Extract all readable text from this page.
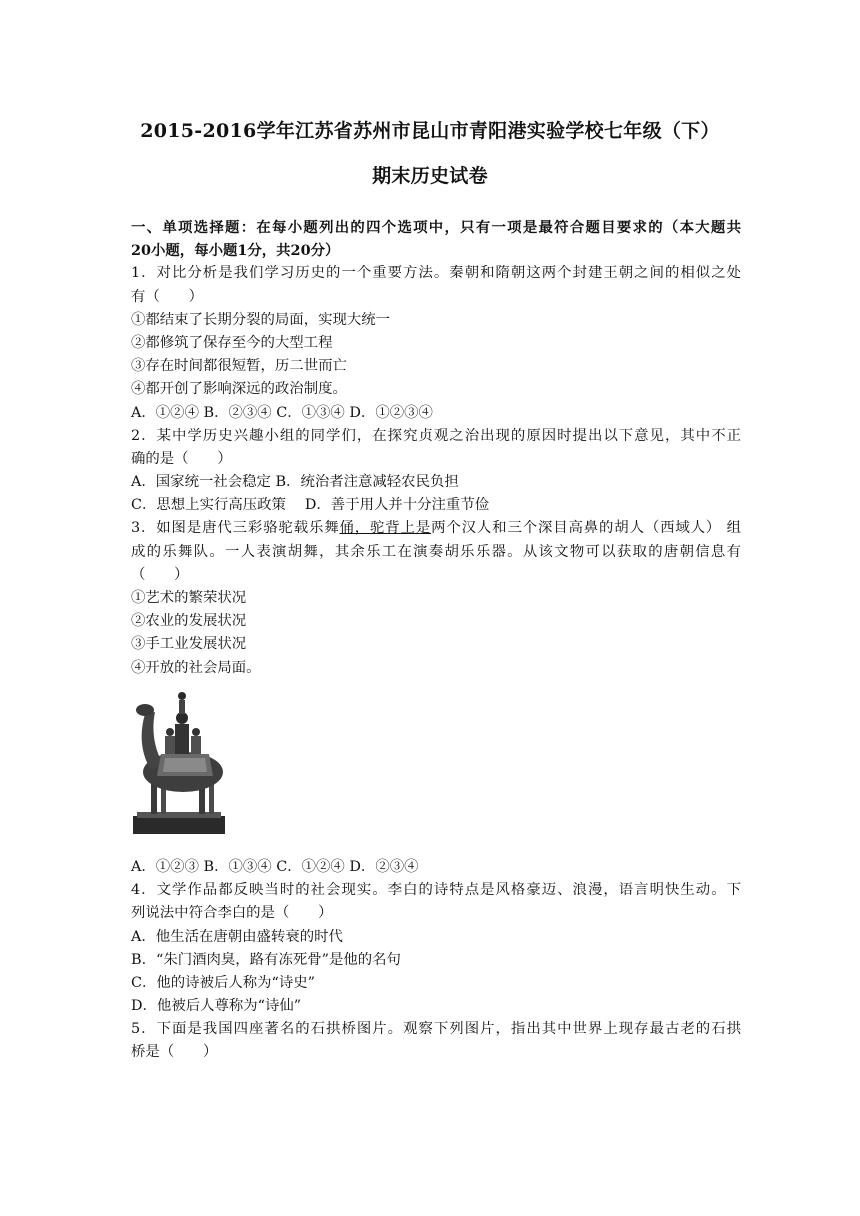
2015-2016学年江苏省苏州市昆山市青阳港实验学校七年级（下）
期末历史试卷
一、单项选择题：在每小题列出的四个选项中，只有一项是最符合题目要求的（本大题共
20小题，每小题1分，共20分）
1．对比分析是我们学习历史的一个重要方法。秦朝和隋朝这两个封建王朝之间的相似之处
有（　　）
①都结束了长期分裂的局面，实现大统一
②都修筑了保存至今的大型工程
③存在时间都很短暂，历二世而亡
④都开创了影响深远的政治制度。
A．①②④ B．②③④ C．①③④ D．①②③④
2．某中学历史兴趣小组的同学们，在探究贞观之治出现的原因时提出以下意见，其中不正
确的是（　　）
A．国家统一社会稳定 B．统治者注意减轻农民负担
C．思想上实行高压政策　 D．善于用人并十分注重节俭
3．如图是唐代三彩骆驼载乐舞俑，驼背上是两个汉人和三个深目高鼻的胡人（西域人） 组
成的乐舞队。一人表演胡舞，其余乐工在演奏胡乐乐器。从该文物可以获取的唐朝信息有
（　　）
①艺术的繁荣状况
②农业的发展状况
③手工业发展状况
④开放的社会局面。
A．①②③ B．①③④ C．①②④ D．②③④
4．文学作品都反映当时的社会现实。李白的诗特点是风格豪迈、浪漫，语言明快生动。下
列说法中符合李白的是（　　）
A．他生活在唐朝由盛转衰的时代
B．“朱门酒肉臭，路有冻死骨”是他的名句
C．他的诗被后人称为“诗史”
D．他被后人尊称为“诗仙”
5．下面是我国四座著名的石拱桥图片。观察下列图片，指出其中世界上现存最古老的石拱
桥是（　　）
